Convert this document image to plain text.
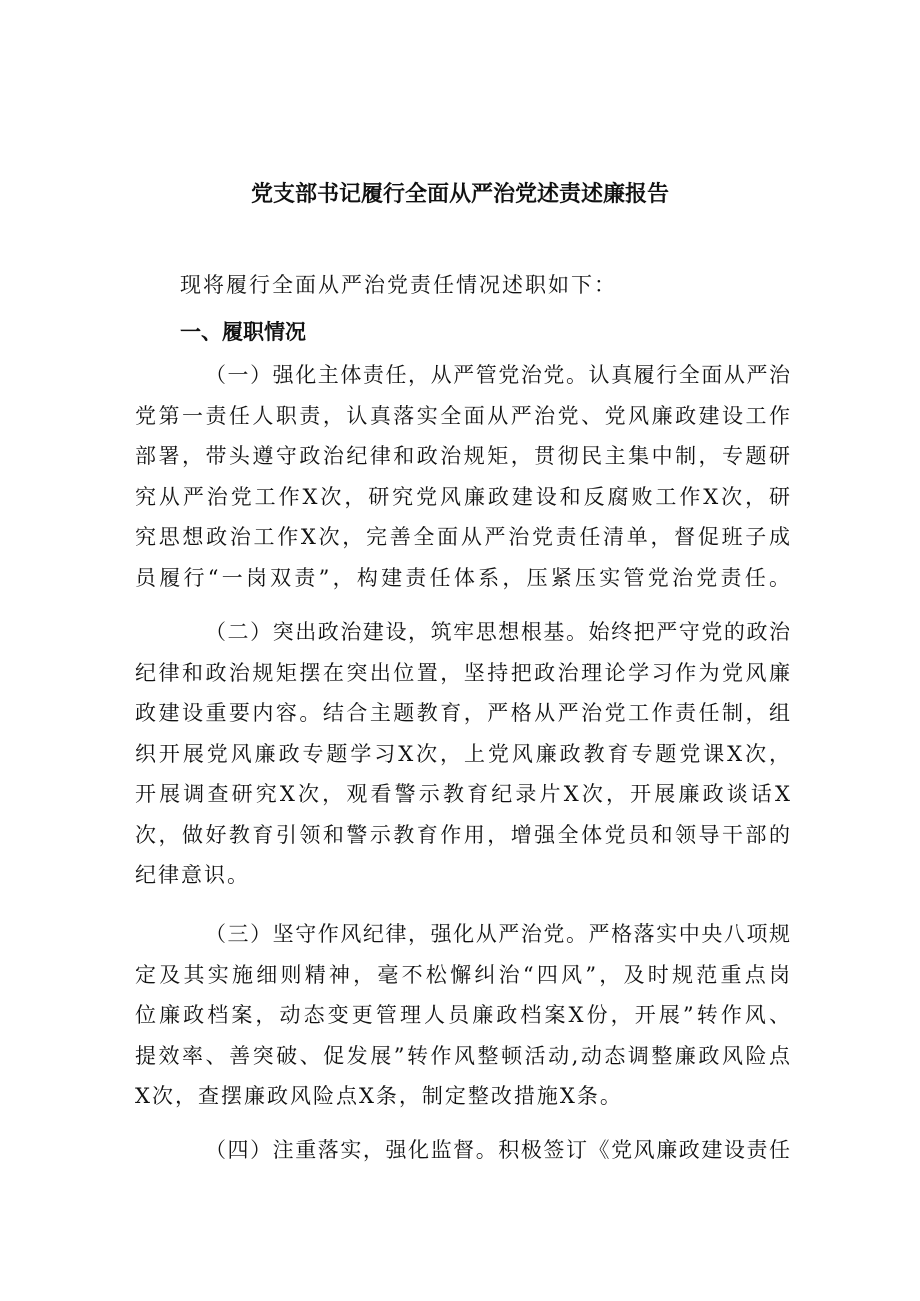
党支部书记履行全面从严治党述责述廉报告

现将履行全面从严治党责任情况述职如下：

一、履职情况
（一）强化主体责任，从严管党治党。认真履行全面从严治
党第一责任人职责，认真落实全面从严治党、党风廉政建设工作
部署，带头遵守政治纪律和政治规矩，贯彻民主集中制，专题研
究从严治党工作X次，研究党风廉政建设和反腐败工作X次，研
究思想政治工作X次，完善全面从严治党责任清单，督促班子成
员履行“一岗双责”，构建责任体系，压紧压实管党治党责任。
（二）突出政治建设，筑牢思想根基。始终把严守党的政治
纪律和政治规矩摆在突出位置，坚持把政治理论学习作为党风廉
政建设重要内容。结合主题教育，严格从严治党工作责任制，组
织开展党风廉政专题学习X次，上党风廉政教育专题党课X次，
开展调查研究X次，观看警示教育纪录片X次，开展廉政谈话X
次，做好教育引领和警示教育作用，增强全体党员和领导干部的
纪律意识。
（三）坚守作风纪律，强化从严治党。严格落实中央八项规
定及其实施细则精神，毫不松懈纠治“四风”，及时规范重点岗
位廉政档案，动态变更管理人员廉政档案X份，开展”转作风、
提效率、善突破、促发展”转作风整顿活动,动态调整廉政风险点
X次，查摆廉政风险点X条，制定整改措施X条。
（四）注重落实，强化监督。积极签订《党风廉政建设责任
